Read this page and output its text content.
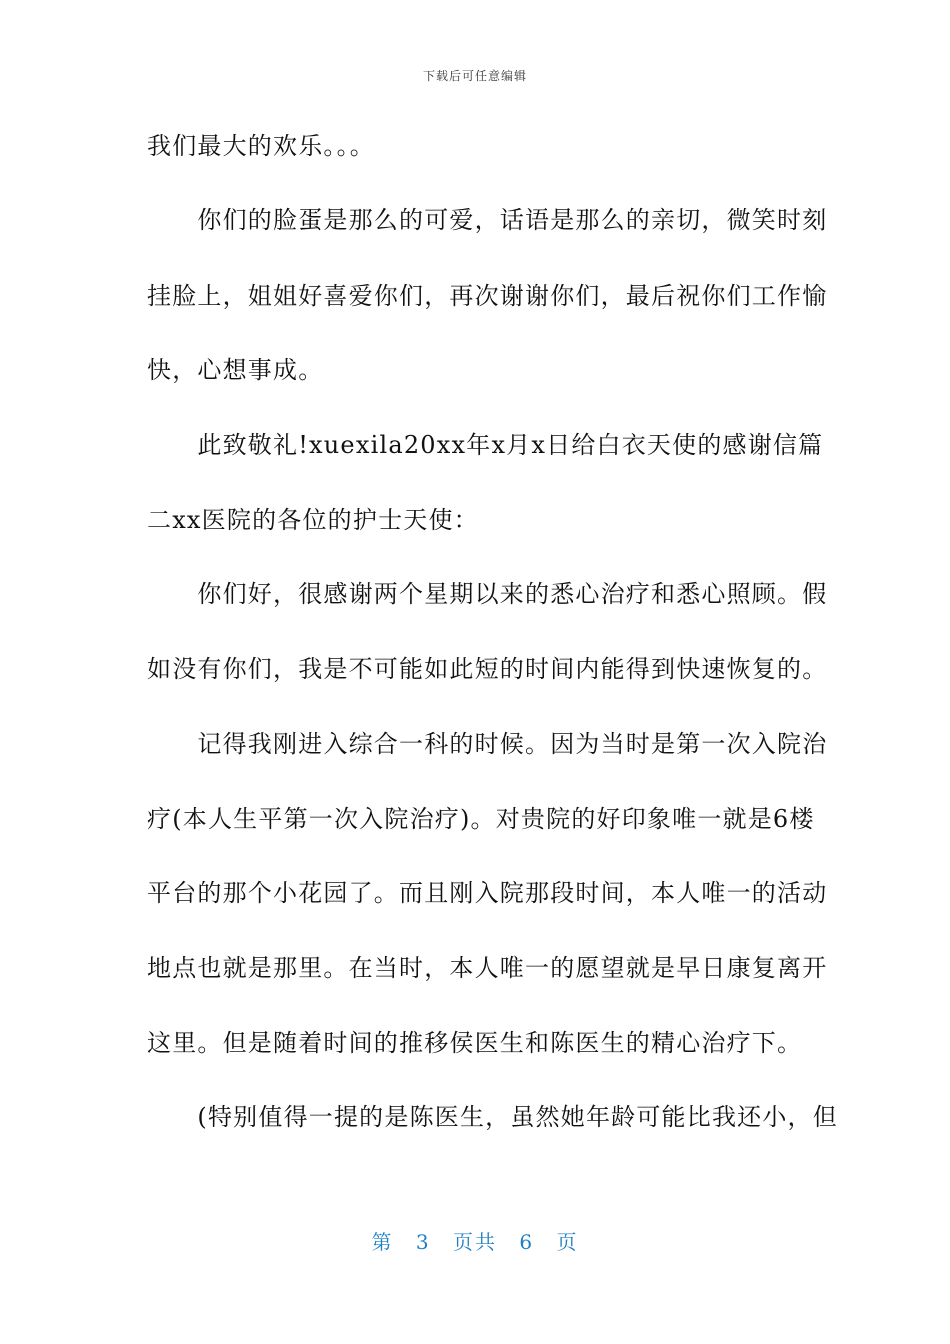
下载后可任意编辑
我们最大的欢乐。。。
　　你们的脸蛋是那么的可爱，话语是那么的亲切，微笑时刻
挂脸上，姐姐好喜爱你们，再次谢谢你们，最后祝你们工作愉
快，心想事成。
　　此致敬礼!xuexila20xx年x月x日给白衣天使的感谢信篇
二xx医院的各位的护士天使：
　　你们好，很感谢两个星期以来的悉心治疗和悉心照顾。假
如没有你们，我是不可能如此短的时间内能得到快速恢复的。
　　记得我刚进入综合一科的时候。因为当时是第一次入院治
疗(本人生平第一次入院治疗)。对贵院的好印象唯一就是6楼
平台的那个小花园了。而且刚入院那段时间，本人唯一的活动
地点也就是那里。在当时，本人唯一的愿望就是早日康复离开
这里。但是随着时间的推移侯医生和陈医生的精心治疗下。
　　(特别值得一提的是陈医生，虽然她年龄可能比我还小，但
第 3 页共 6 页
